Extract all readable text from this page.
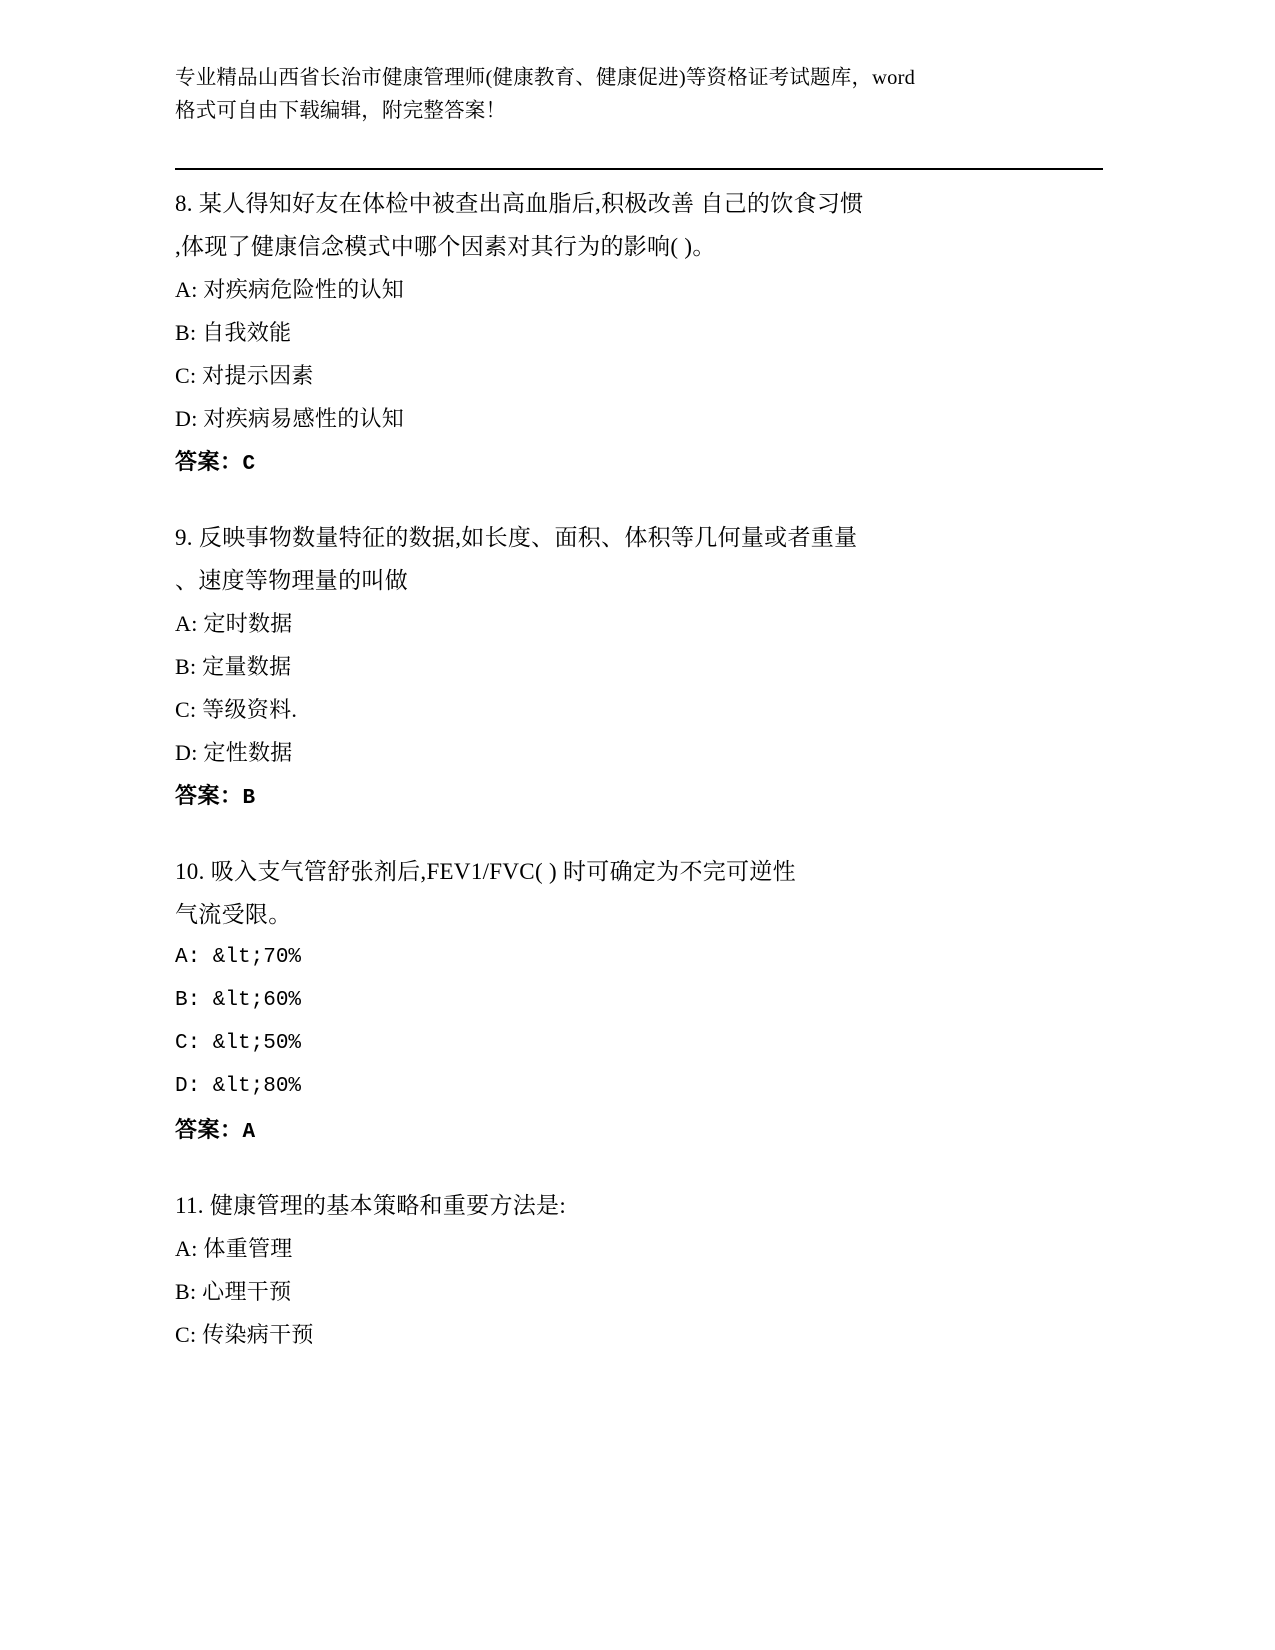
专业精品山西省长治市健康管理师(健康教育、健康促进)等资格证考试题库，word
格式可自由下载编辑，附完整答案！
8. 某人得知好友在体检中被查出高血脂后,积极改善 自己的饮食习惯
,体现了健康信念模式中哪个因素对其行为的影响( )。
A: 对疾病危险性的认知
B: 自我效能
C: 对提示因素
D: 对疾病易感性的认知
答案：C
9. 反映事物数量特征的数据,如长度、面积、体积等几何量或者重量
、速度等物理量的叫做
A: 定时数据
B: 定量数据
C: 等级资料.
D: 定性数据
答案：B
10. 吸入支气管舒张剂后,FEV1/FVC( ) 时可确定为不完可逆性
气流受限。
A: &lt;70%
B: &lt;60%
C: &lt;50%
D: &lt;80%
答案：A
11. 健康管理的基本策略和重要方法是:
A: 体重管理
B: 心理干预
C: 传染病干预
